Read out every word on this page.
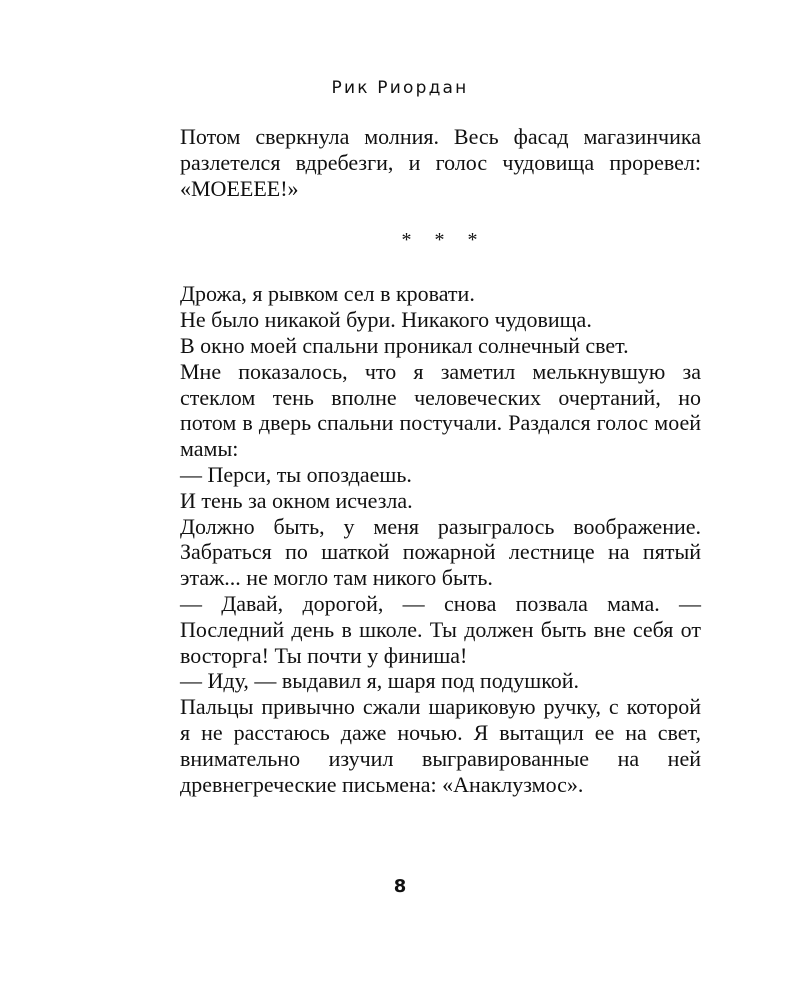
Рик Риордан

Потом сверкнула молния. Весь фасад магазинчика разлетелся вдребезги, и голос чудовища проревел: «МОЕЕЕЕ!»

* * *

Дрожа, я рывком сел в кровати.

Не было никакой бури. Никакого чудовища.

В окно моей спальни проникал солнечный свет.

Мне показалось, что я заметил мелькнувшую за стеклом тень вполне человеческих очертаний, но потом в дверь спальни постучали. Раздался голос моей мамы:

— Перси, ты опоздаешь.

И тень за окном исчезла.

Должно быть, у меня разыгралось воображение. Забраться по шаткой пожарной лестнице на пятый этаж... не могло там никого быть.

— Давай, дорогой, — снова позвала мама. — Последний день в школе. Ты должен быть вне себя от восторга! Ты почти у финиша!

— Иду, — выдавил я, шаря под подушкой.

Пальцы привычно сжали шариковую ручку, с которой я не расстаюсь даже ночью. Я вытащил ее на свет, внимательно изучил выгравированные на ней древнегреческие письмена: «Анаклузмос».

8
